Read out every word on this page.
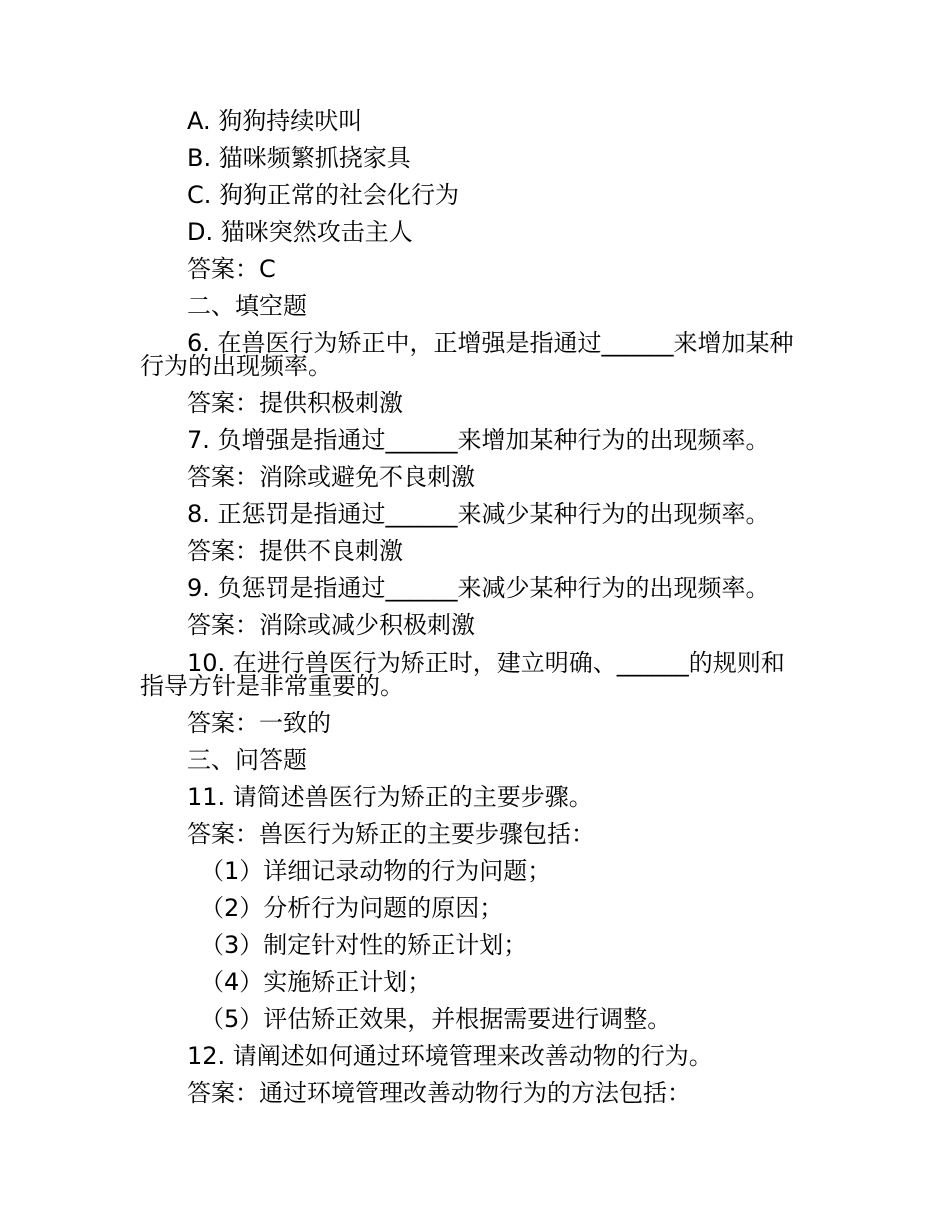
A. 狗狗持续吠叫
B. 猫咪频繁抓挠家具
C. 狗狗正常的社会化行为
D. 猫咪突然攻击主人
答案：C
二、填空题
6. 在兽医行为矫正中，正增强是指通过______来增加某种
行为的出现频率。
答案：提供积极刺激
7. 负增强是指通过______来增加某种行为的出现频率。
答案：消除或避免不良刺激
8. 正惩罚是指通过______来减少某种行为的出现频率。
答案：提供不良刺激
9. 负惩罚是指通过______来减少某种行为的出现频率。
答案：消除或减少积极刺激
10. 在进行兽医行为矫正时，建立明确、______的规则和
指导方针是非常重要的。
答案：一致的
三、问答题
11. 请简述兽医行为矫正的主要步骤。
答案：兽医行为矫正的主要步骤包括：
（1）详细记录动物的行为问题；
（2）分析行为问题的原因；
（3）制定针对性的矫正计划；
（4）实施矫正计划；
（5）评估矫正效果，并根据需要进行调整。
12. 请阐述如何通过环境管理来改善动物的行为。
答案：通过环境管理改善动物行为的方法包括：
